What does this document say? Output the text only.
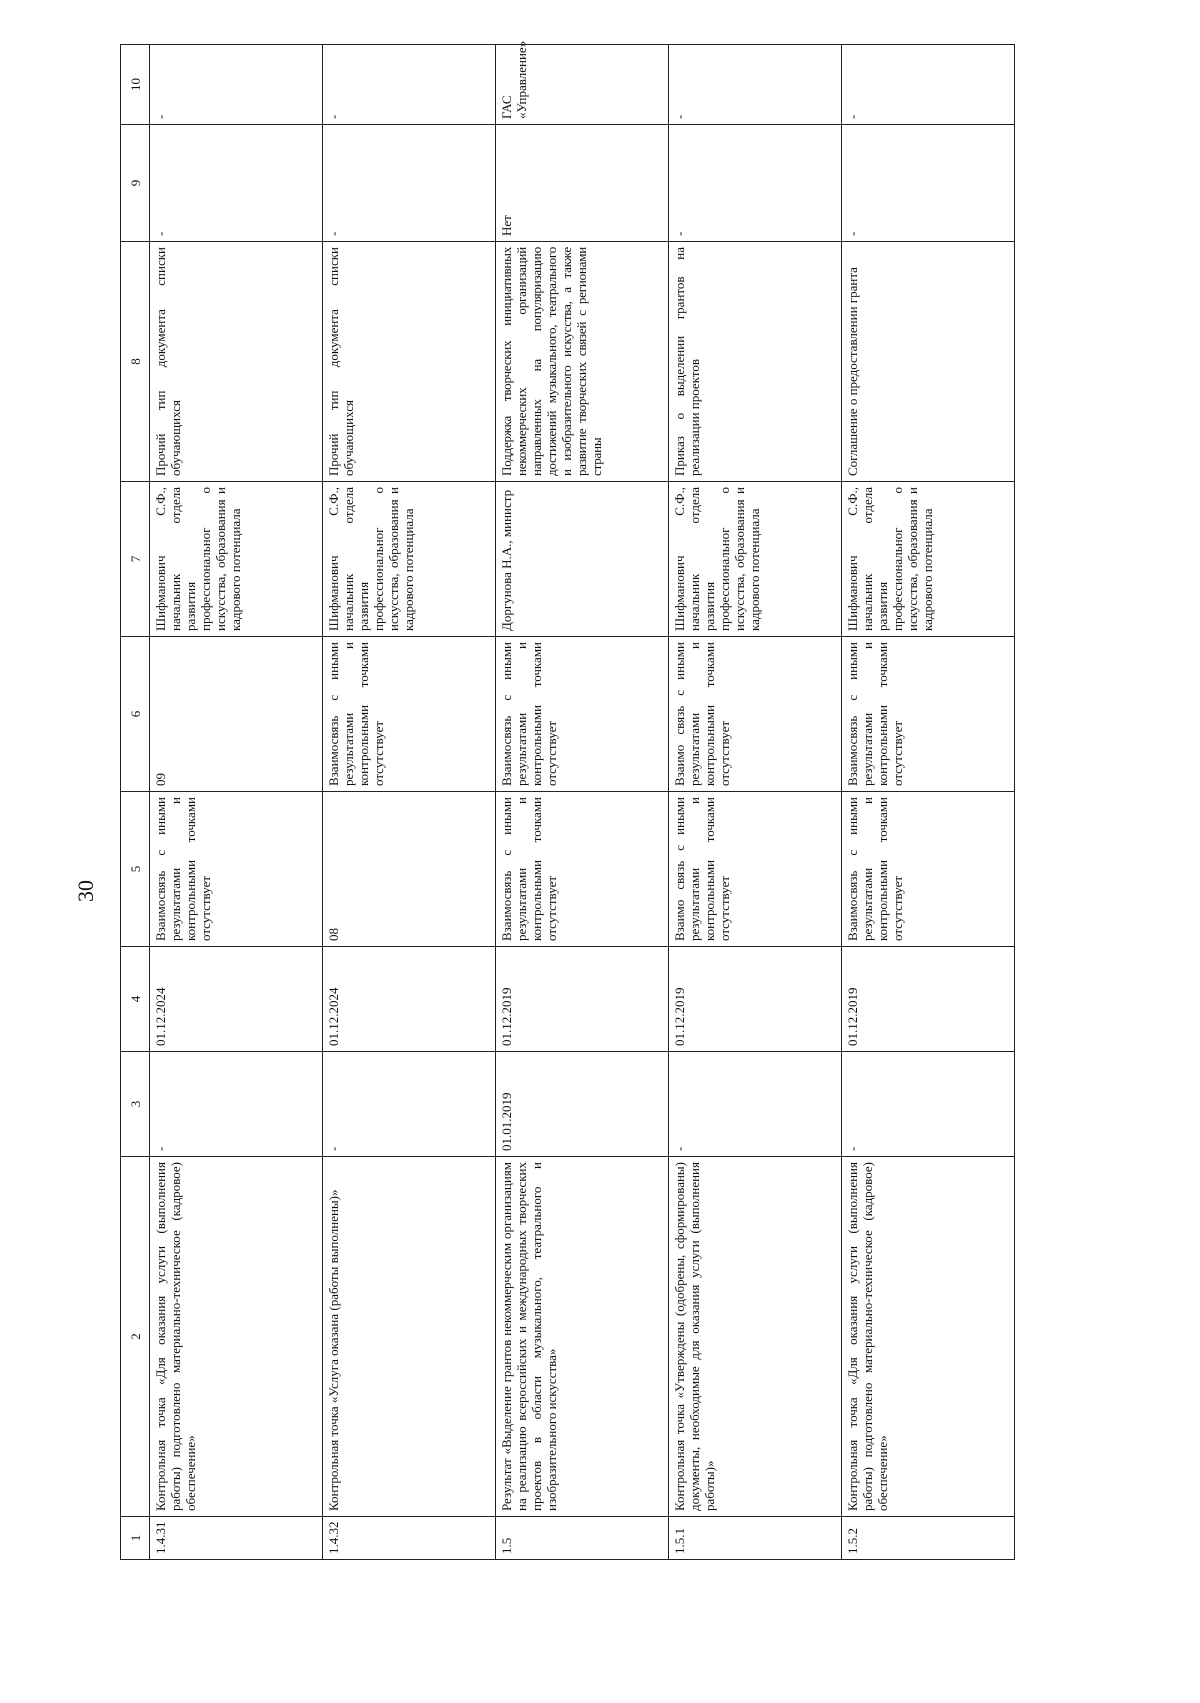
30
1	2	3	4	5	6	7	8	9	10
1.4.31	Контрольная точка «Для оказания услуги (выполнения работы) подготовлено материально-техническое (кадровое) обеспечение»	-	01.12.2024	Взаимосвязь с иными результатами и контрольными точками отсутствует	09	Шифманович С.Ф., начальник отдела развития профессиональног о искусства, образования и кадрового потенциала	Прочий тип документа списки обучающихся	-	-
1.4.32	Контрольная точка «Услуга оказана (работы выполнены)»	-	01.12.2024	08	Взаимосвязь с иными результатами и контрольными точками отсутствует	Шифманович С.Ф., начальник отдела развития профессиональног о искусства, образования и кадрового потенциала	Прочий тип документа списки обучающихся	-	-
1.5	Результат «Выделение грантов некоммерческим организациям на реализацию всероссийских и международных творческих проектов в области музыкального, театрального и изобразительного искусства»	01.01.2019	01.12.2019	Взаимосвязь с иными результатами и контрольными точками отсутствует	Взаимосвязь с иными результатами и контрольными точками отсутствует	Доргунова Н.А., министр	Поддержка творческих инициативных некоммерческих организаций направленных на популяризацию достижений музыкального, театрального и изобразительного искусства, а также развитие творческих связей с регионами страны	Нет	ГАС «Управление»
1.5.1	Контрольная точка «Утверждены (одобрены, сформированы) документы, необходимые для оказания услуги (выполнения работы)»	-	01.12.2019	Взаимо связь с иными результатами и контрольными точками отсутствует	Взаимо связь с иными результатами и контрольными точками отсутствует	Шифманович С.Ф., начальник отдела развития профессиональног о искусства, образования и кадрового потенциала	Приказ о выделении грантов на реализации проектов	-	-
1.5.2	Контрольная точка «Для оказания услуги (выполнения работы) подготовлено материально-техническое (кадровое) обеспечение»	-	01.12.2019	Взаимосвязь с иными результатами и контрольными точками отсутствует	Взаимосвязь с иными результатами и контрольными точками отсутствует	Шифманович С.Ф., начальник отдела развития профессиональног о искусства, образования и кадрового потенциала	Соглашение о предоставлении гранта	-	-
